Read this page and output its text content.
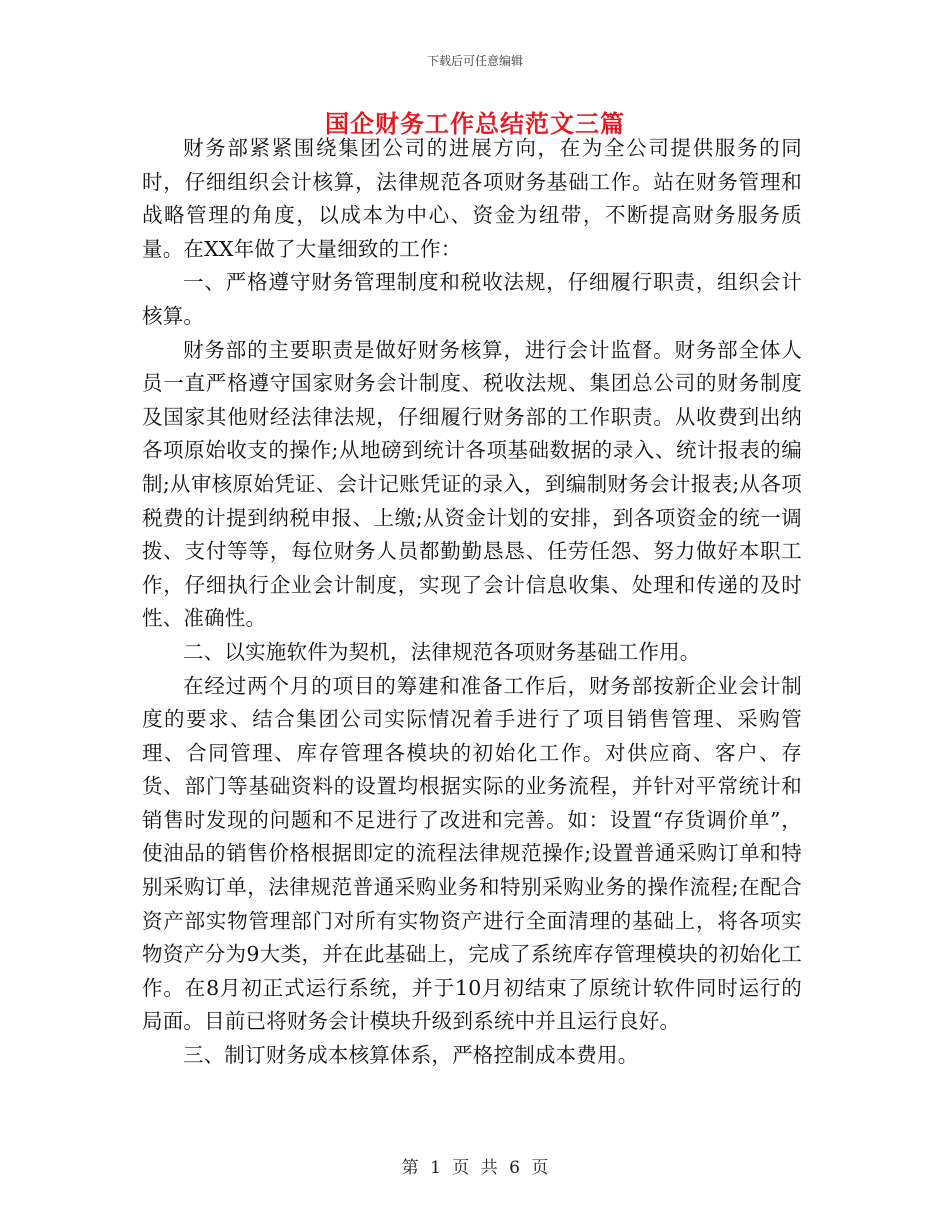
下载后可任意编辑
国企财务工作总结范文三篇

财务部紧紧围绕集团公司的进展方向，在为全公司提供服务的同时，仔细组织会计核算，法律规范各项财务基础工作。站在财务管理和战略管理的角度，以成本为中心、资金为纽带，不断提高财务服务质量。在XX年做了大量细致的工作：

一、严格遵守财务管理制度和税收法规，仔细履行职责，组织会计核算。

财务部的主要职责是做好财务核算，进行会计监督。财务部全体人员一直严格遵守国家财务会计制度、税收法规、集团总公司的财务制度及国家其他财经法律法规，仔细履行财务部的工作职责。从收费到出纳各项原始收支的操作;从地磅到统计各项基础数据的录入、统计报表的编制;从审核原始凭证、会计记账凭证的录入，到编制财务会计报表;从各项税费的计提到纳税申报、上缴;从资金计划的安排，到各项资金的统一调拨、支付等等，每位财务人员都勤勤恳恳、任劳任怨、努力做好本职工作，仔细执行企业会计制度，实现了会计信息收集、处理和传递的及时性、准确性。

二、以实施软件为契机，法律规范各项财务基础工作用。

在经过两个月的项目的筹建和准备工作后，财务部按新企业会计制度的要求、结合集团公司实际情况着手进行了项目销售管理、采购管理、合同管理、库存管理各模块的初始化工作。对供应商、客户、存货、部门等基础资料的设置均根据实际的业务流程，并针对平常统计和销售时发现的问题和不足进行了改进和完善。如：设置“存货调价单”，使油品的销售价格根据即定的流程法律规范操作;设置普通采购订单和特别采购订单，法律规范普通采购业务和特别采购业务的操作流程;在配合资产部实物管理部门对所有实物资产进行全面清理的基础上，将各项实物资产分为9大类，并在此基础上，完成了系统库存管理模块的初始化工作。在8月初正式运行系统，并于10月初结束了原统计软件同时运行的局面。目前已将财务会计模块升级到系统中并且运行良好。

三、制订财务成本核算体系，严格控制成本费用。

第 1 页 共 6 页
